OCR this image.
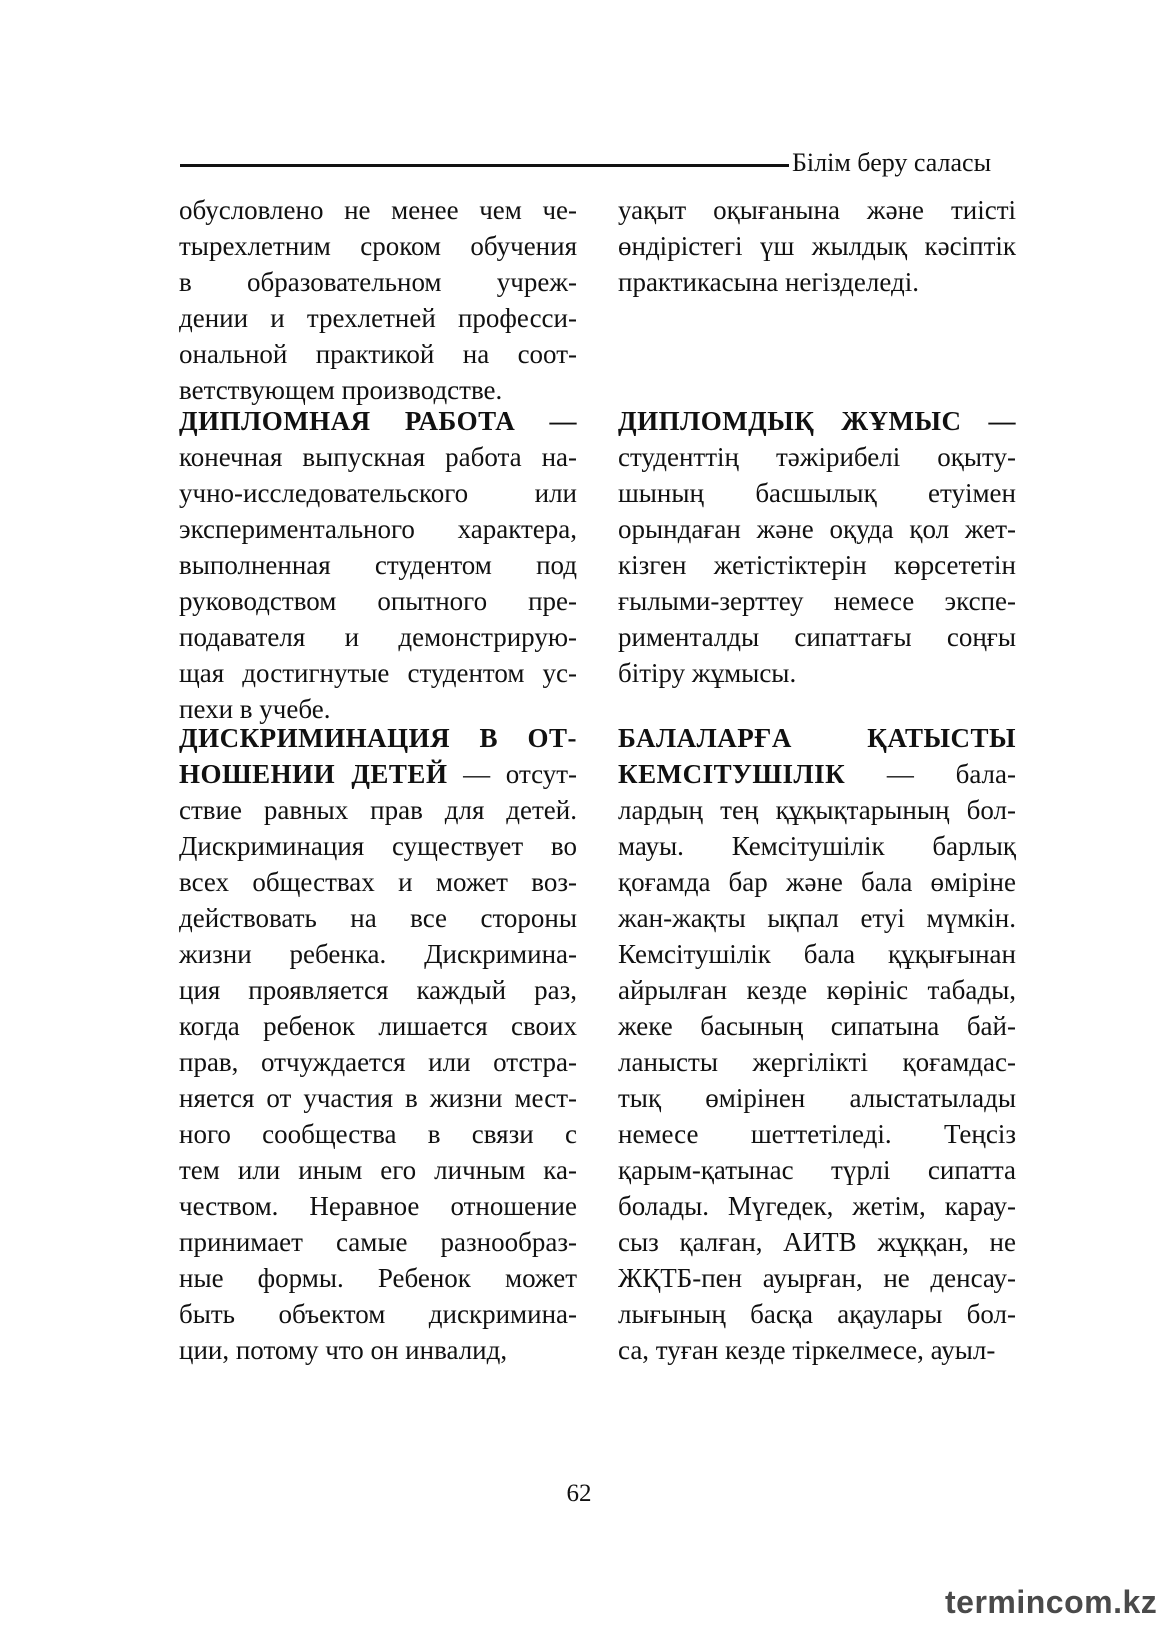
Білім беру саласы
обусловлено не менее чем че-
тырехлетним сроком обучения
в образовательном учреж-
дении и трехлетней професси-
ональной практикой на соот-
ветствующем производстве.
ДИПЛОМНАЯ РАБОТА —
конечная выпускная работа на-
учно-исследовательского или
экспериментального характера,
выполненная студентом под
руководством опытного пре-
подавателя и демонстрирую-
щая достигнутые студентом ус-
пехи в учебе.
ДИСКРИМИНАЦИЯ В ОТ-
НОШЕНИИ ДЕТЕЙ — отсут-
ствие равных прав для детей.
Дискриминация существует во
всех обществах и может воз-
действовать на все стороны
жизни ребенка. Дискримина-
ция проявляется каждый раз,
когда ребенок лишается своих
прав, отчуждается или отстра-
няется от участия в жизни мест-
ного сообщества в связи с
тем или иным его личным ка-
чеством. Неравное отношение
принимает самые разнообраз-
ные формы. Ребенок может
быть объектом дискримина-
ции, потому что он инвалид,
уақыт оқығанына және тиісті
өндірістегі үш жылдық кәсіптік
практикасына негізделеді.
ДИПЛОМДЫҚ ЖҰМЫС —
студенттің тәжірибелі оқыту-
шының басшылық етуімен
орындаған және оқуда қол жет-
кізген жетістіктерін көрсететін
ғылыми-зерттеу немесе экспе-
рименталды сипаттағы соңғы
бітіру жұмысы.
БАЛАЛАРҒА ҚАТЫСТЫ
КЕМСІТУШІЛІК — бала-
лардың тең құқықтарының бол-
мауы. Кемсітушілік барлық
қоғамда бар және бала өміріне
жан-жақты ықпал етуі мүмкін.
Кемсітушілік бала құқығынан
айрылған кезде көрініс табады,
жеке басының сипатына бай-
ланысты жергілікті қоғамдас-
тық өмірінен алыстатылады
немесе шеттетіледі. Теңсіз
қарым-қатынас түрлі сипатта
болады. Мүгедек, жетім, карау-
сыз қалған, АИТВ жұққан, не
ЖҚТБ-пен ауырған, не денсау-
лығының басқа ақаулары бол-
са, туған кезде тіркелмесе, ауыл-
62
termincom.kz
